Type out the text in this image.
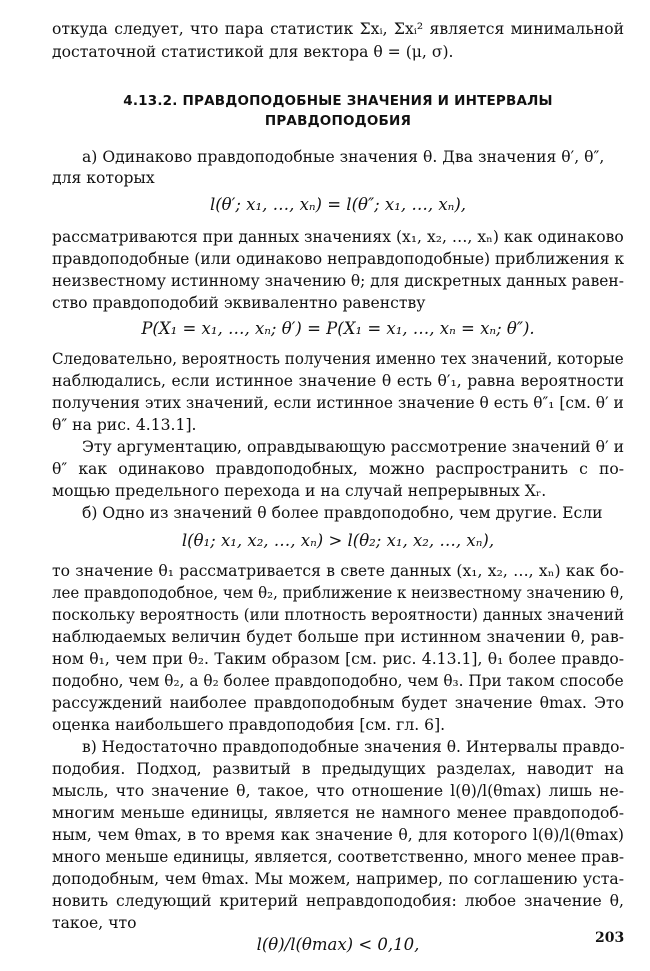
откуда следует, что пара статистик Σxᵢ, Σxᵢ² является минимальной
достаточной статистикой для вектора θ = (μ, σ).
4.13.2. ПРАВДОПОДОБНЫЕ ЗНАЧЕНИЯ И ИНТЕРВАЛЫ
ПРАВДОПОДОБИЯ
а) Одинаково правдоподобные значения θ. Два значения θ′, θ″,
для которых
l(θ′; x₁, …, xₙ) = l(θ″; x₁, …, xₙ),
рассматриваются при данных значениях (x₁, x₂, …, xₙ) как одинаково
правдоподобные (или одинаково неправдоподобные) приближения к
неизвестному истинному значению θ; для дискретных данных равен-
ство правдоподобий эквивалентно равенству
P(X₁ = x₁, …, xₙ; θ′) = P(X₁ = x₁, …, xₙ = xₙ; θ″).
Следовательно, вероятность получения именно тех значений, которые
наблюдались, если истинное значение θ есть θ′₁, равна вероятности
получения этих значений, если истинное значение θ есть θ″₁ [см. θ′ и
θ″ на рис. 4.13.1].
Эту аргументацию, оправдывающую рассмотрение значений θ′ и
θ″ как одинаково правдоподобных, можно распространить с по-
мощью предельного перехода и на случай непрерывных Xᵣ.
б) Одно из значений θ более правдоподобно, чем другие. Если
l(θ₁; x₁, x₂, …, xₙ) > l(θ₂; x₁, x₂, …, xₙ),
то значение θ₁ рассматривается в свете данных (x₁, x₂, …, xₙ) как бо-
лее правдоподобное, чем θ₂, приближение к неизвестному значению θ,
поскольку вероятность (или плотность вероятности) данных значений
наблюдаемых величин будет больше при истинном значении θ, рав-
ном θ₁, чем при θ₂. Таким образом [см. рис. 4.13.1], θ₁ более правдо-
подобно, чем θ₂, а θ₂ более правдоподобно, чем θ₃. При таком способе
рассуждений наиболее правдоподобным будет значение θmax. Это
оценка наибольшего правдоподобия [см. гл. 6].
в) Недостаточно правдоподобные значения θ. Интервалы правдо-
подобия. Подход, развитый в предыдущих разделах, наводит на
мысль, что значение θ, такое, что отношение l(θ)/l(θmax) лишь не-
многим меньше единицы, является не намного менее правдоподоб-
ным, чем θmax, в то время как значение θ, для которого l(θ)/l(θmax)
много меньше единицы, является, соответственно, много менее прав-
доподобным, чем θmax. Мы можем, например, по соглашению уста-
новить следующий критерий неправдоподобия: любое значение θ,
такое, что
l(θ)/l(θmax) < 0,10,	203
